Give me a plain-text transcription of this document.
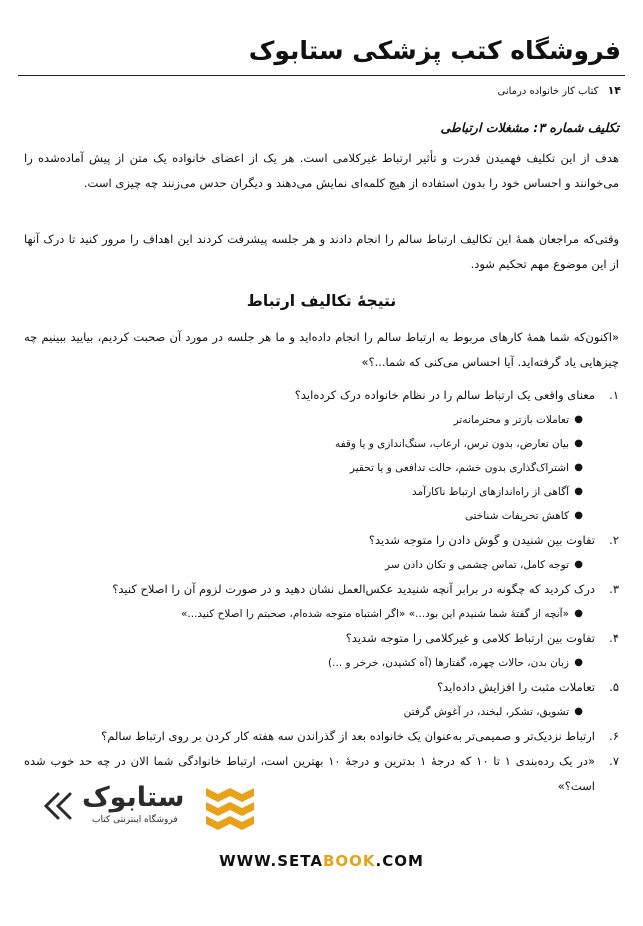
فروشگاه کتب پزشکی ستابوک
۱۴ کتاب کار خانواده درمانی
تکلیف شماره ۳: مشغلات ارتباطی

هدف از این تکلیف فهمیدن قدرت و تأثیر ارتباط غیرکلامی است. هر یک از اعضای خانواده یک متن از پیش آماده‌شده را می‌خوانند و احساس خود را بدون استفاده از هیچ کلمه‌ای نمایش می‌دهند و دیگران حدس می‌زنند چه چیزی است.

وقتی‌که مراجعان همهٔ این تکالیف ارتباط سالم را انجام دادند و هر جلسه پیشرفت کردند این اهداف را مرور کنید تا درک آنها از این موضوع مهم تحکیم شود.

نتیجهٔ تکالیف ارتباط

«اکنون‌که شما همهٔ کارهای مربوط به ارتباط سالم را انجام داده‌اید و ما هر جلسه در مورد آن صحبت کردیم، بیایید ببینیم چه چیزهایی یاد گرفته‌اید. آیا احساس می‌کنی که شما...؟»

۱.
معنای واقعی یک ارتباط سالم را در نظام خانواده درک کرده‌اید؟
●
تعاملات بازتر و محترمانه‌تر
●
بیان تعارض، بدون ترس، ارعاب، سنگ‌اندازی و یا وقفه
●
اشتراک‌گذاری بدون خشم، حالت تدافعی و یا تحقیر
●
آگاهی از راه‌اندازهای ارتباط ناکارآمد
●
کاهش تحریفات شناختی
۲.
تفاوت بین شنیدن و گوش دادن را متوجه شدید؟
●
توجه کامل، تماس چشمی و تکان دادن سر
۳.
درک کردید که چگونه در برابر آنچه شنیدید عکس‌العمل نشان دهید و در صورت لزوم آن را اصلاح کنید؟
●
«آنچه از گفتهٔ شما شنیدم این بود...» «اگر اشتباه متوجه شده‌ام، صحبتم را اصلاح کنید...»
۴.
تفاوت بین ارتباط کلامی و غیرکلامی را متوجه شدید؟
●
زبان بدن، حالات چهره، گفتارها (آه کشیدن، خرخر و ...)
۵.
تعاملات مثبت را افزایش داده‌اید؟
●
تشویق، تشکر، لبخند، در آغوش گرفتن
۶.
ارتباط نزدیک‌تر و صمیمی‌تر به‌عنوان یک خانواده بعد از گذراندن سه هفته کار کردن بر روی ارتباط سالم؟
۷.
«در یک رده‌بندی ۱ تا ۱۰ که درجهٔ ۱ بدترین و درجهٔ ۱۰ بهترین است، ارتباط خانوادگی شما الان در چه حد خوب شده است؟»
ستابوک
فروشگاه اینترنتی کتاب
WWW.SETABOOK.COM
